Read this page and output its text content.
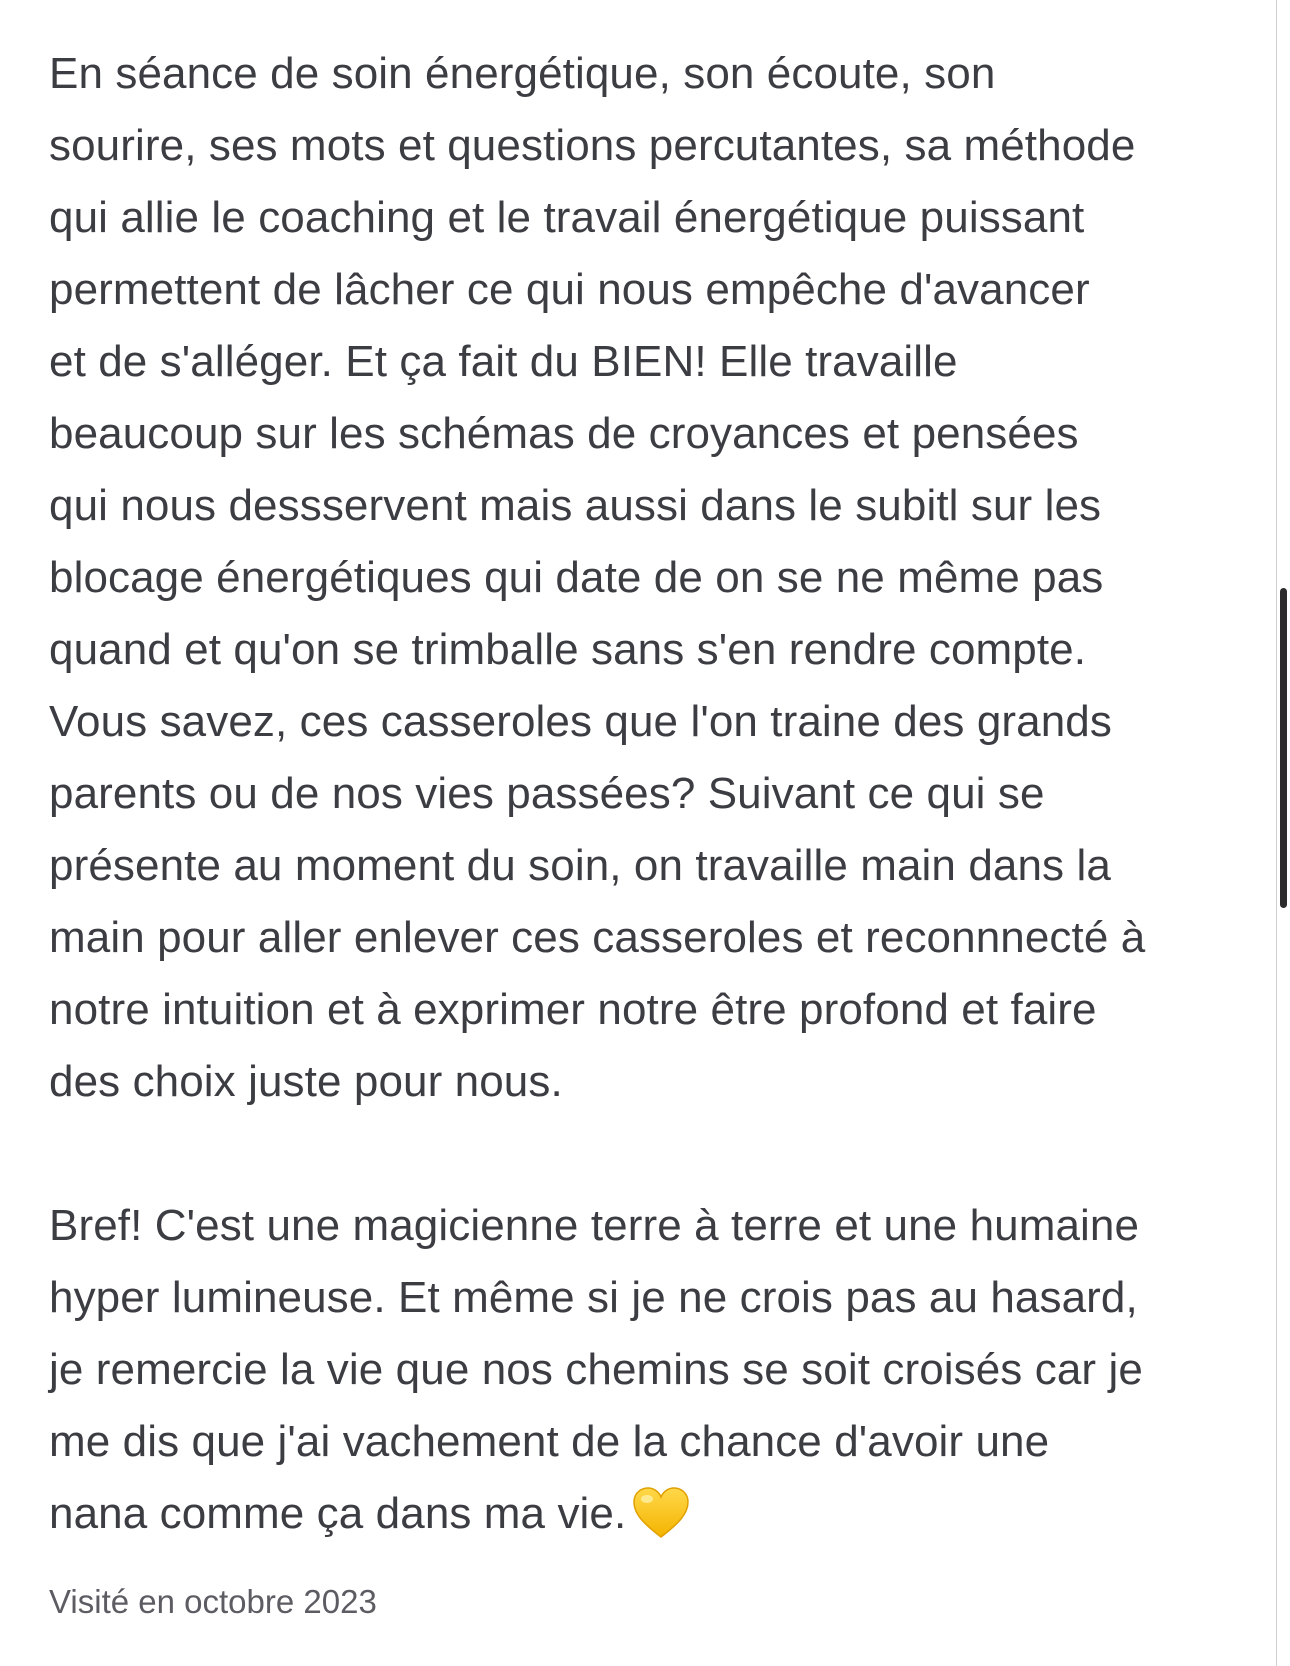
En séance de soin énergétique, son écoute, son
sourire, ses mots et questions percutantes, sa méthode
qui allie le coaching et le travail énergétique puissant
permettent de lâcher ce qui nous empêche d'avancer
et de s'alléger. Et ça fait du BIEN! Elle travaille
beaucoup sur les schémas de croyances et pensées
qui nous dessservent mais aussi dans le subitl sur les
blocage énergétiques qui date de on se ne même pas
quand et qu'on se trimballe sans s'en rendre compte.
Vous savez, ces casseroles que l'on traine des grands
parents ou de nos vies passées? Suivant ce qui se
présente au moment du soin, on travaille main dans la
main pour aller enlever ces casseroles et reconnnecté à
notre intuition et à exprimer notre être profond et faire
des choix juste pour nous.

Bref! C'est une magicienne terre à terre et une humaine
hyper lumineuse. Et même si je ne crois pas au hasard,
je remercie la vie que nos chemins se soit croisés car je
me dis que j'ai vachement de la chance d'avoir une
nana comme ça dans ma vie.

Visité en octobre 2023
